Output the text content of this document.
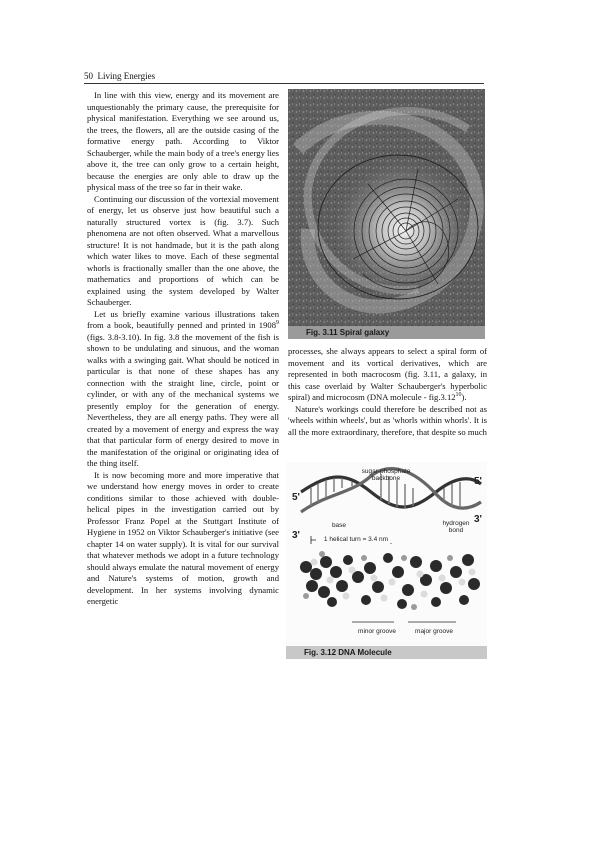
50 Living Energies

In line with this view, energy and its movement are unquestionably the primary cause, the prerequisite for physical manifestation. Everything we see around us, the trees, the flowers, all are the outside casing of the formative energy path. According to Viktor Schauberger, while the main body of a tree's energy lies above it, the tree can only grow to a certain height, because the energies are only able to draw up the physical mass of the tree so far in their wake.

Continuing our discussion of the vortexial movement of energy, let us observe just how beautiful such a naturally structured vortex is (fig. 3.7). Such phenomena are not often observed. What a marvellous structure! It is not handmade, but it is the path along which water likes to move. Each of these segmental whorls is fractionally smaller than the one above, the mathematics and proportions of which can be explained using the system developed by Walter Schauberger.

Let us briefly examine various illustrations taken from a book, beautifully penned and printed in 1908$^9$ (figs. 3.8-3.10). In fig. 3.8 the movement of the fish is shown to be undulating and sinuous, and the woman walks with a swinging gait. What should be noticed in particular is that none of these shapes has any connection with the straight line, circle, point or cylinder, or with any of the mechanical systems we presently employ for the generation of energy. Nevertheless, they are all energy paths. They were all created by a movement of energy and express the way that that particular form of energy desired to move in the manifestation of the original or originating idea of the thing itself.

It is now becoming more and more imperative that we understand how energy moves in order to create conditions similar to those achieved with double-helical pipes in the investigation carried out by Professor Franz Popel at the Stuttgart Institute of Hygiene in 1952 on Viktor Schauberger's initiative (see chapter 14 on water supply). It is vital for our survival that whatever methods we adopt in a future technology should always emulate the natural movement of energy and Nature's systems of motion, growth and development. In her systems involving dynamic energetic

Fig. 3.11 Spiral galaxy

processes, she always appears to select a spiral form of movement and its vortical derivatives, which are represented in both macrocosm (fig. 3.11, a galaxy, in this case overlaid by Walter Schauberger's hyperbolic spiral) and microcosm (DNA molecule - fig.3.12$^{10}$).

Nature's workings could therefore be described not as 'wheels within wheels', but as 'whorls within whorls'. It is all the more extraordinary, therefore, that despite so much

5'
3'
5'
3'
sugar-phosphate backbone
base	hydrogen bond
1 helical turn = 3.4 nm
minor groove	major groove
Fig. 3.12 DNA Molecule
